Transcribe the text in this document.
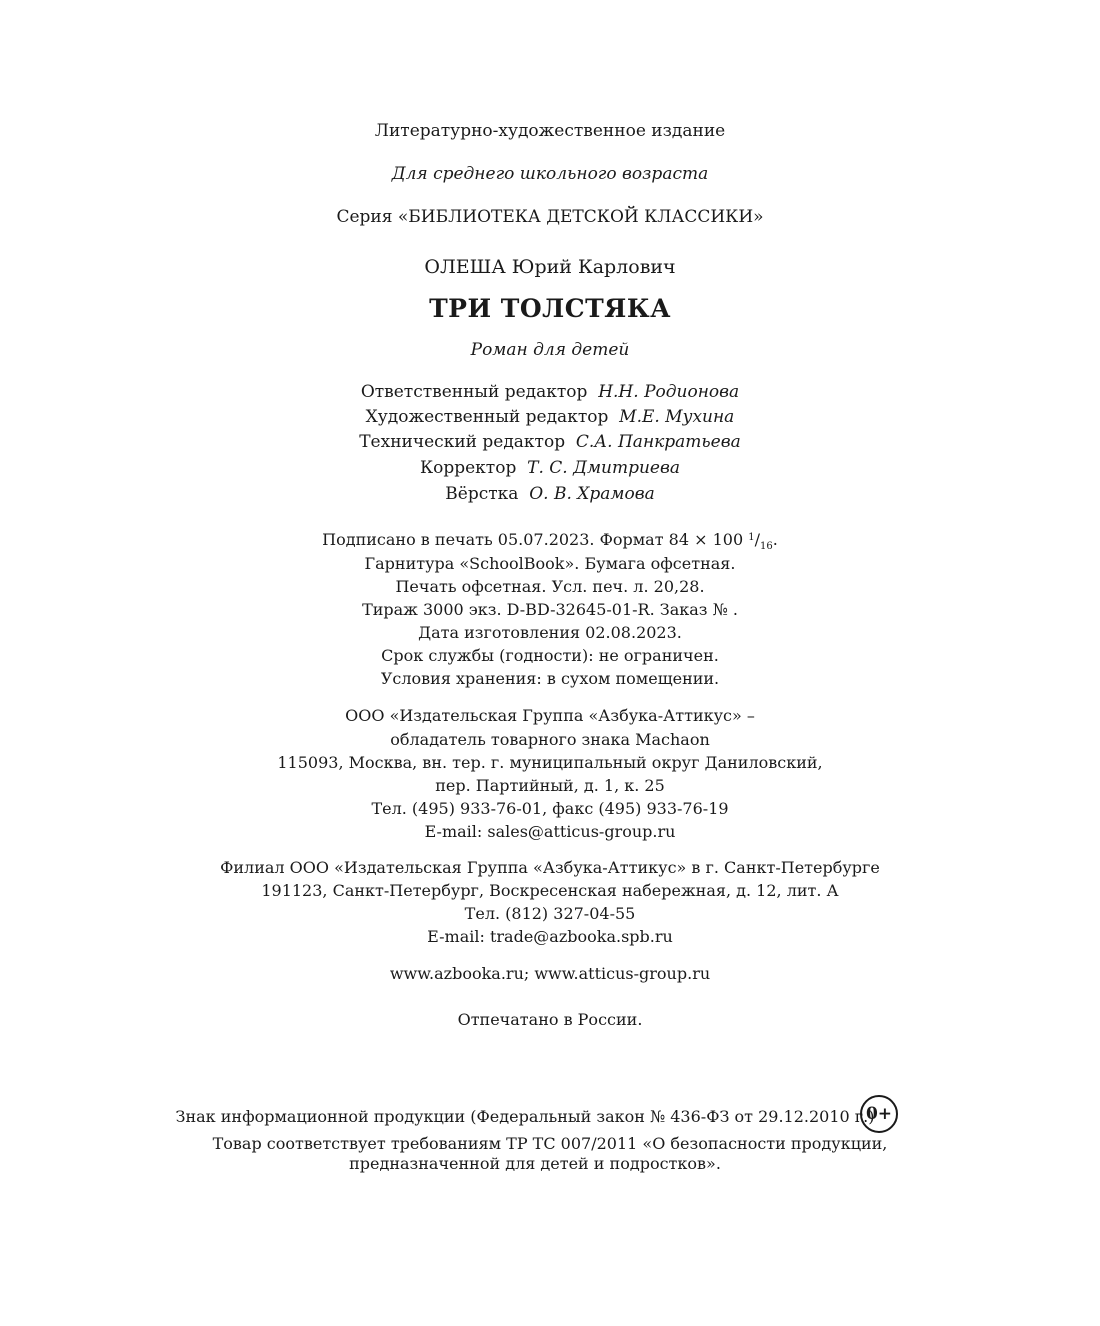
Литературно-художественное издание
Для среднего школьного возраста
Серия «БИБЛИОТЕКА ДЕТСКОЙ КЛАССИКИ»
ОЛЕША Юрий Карлович
ТРИ ТОЛСТЯКА
Роман для детей
Ответственный редактор Н.Н. Родионова
Художественный редактор М.Е. Мухина
Технический редактор С.А. Панкратьева
Корректор Т. С. Дмитриева
Вёрстка О. В. Храмова
Подписано в печать 05.07.2023. Формат 84 × 100 $^1/_{16}$.
Гарнитура «SchoolBook». Бумага офсетная.
Печать офсетная. Усл. печ. л. 20,28.
Тираж 3000 экз. D-BD-32645-01-R. Заказ № .
Дата изготовления 02.08.2023.
Срок службы (годности): не ограничен.
Условия хранения: в сухом помещении.
ООО «Издательская Группа «Азбука-Аттикус» –
обладатель товарного знака Machaon
115093, Москва, вн. тер. г. муниципальный округ Даниловский,
пер. Партийный, д. 1, к. 25
Тел. (495) 933-76-01, факс (495) 933-76-19
E-mail: sales@atticus-group.ru
Филиал ООО «Издательская Группа «Азбука-Аттикус» в г. Санкт-Петербурге
191123, Санкт-Петербург, Воскресенская набережная, д. 12, лит. А
Тел. (812) 327-04-55
E-mail: trade@azbooka.spb.ru
www.azbooka.ru; www.atticus-group.ru
Отпечатано в России.
Знак информационной продукции (Федеральный закон № 436-ФЗ от 29.12.2010 г.)
0+
Товар соответствует требованиям ТР ТС 007/2011 «О безопасности продукции,
предназначенной для детей и подростков».
